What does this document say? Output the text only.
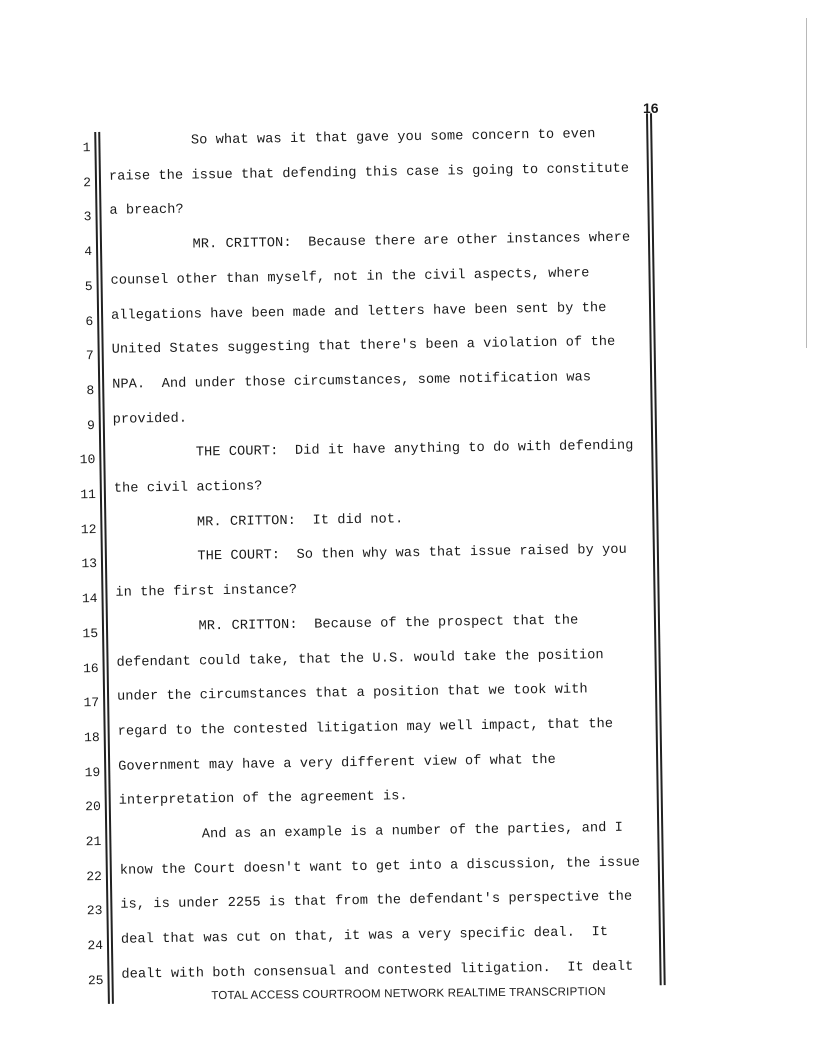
16
1 So what was it that gave you some concern to even
2 raise the issue that defending this case is going to constitute
3 a breach?
4 MR. CRITTON:  Because there are other instances where
5 counsel other than myself, not in the civil aspects, where
6 allegations have been made and letters have been sent by the
7 United States suggesting that there's been a violation of the
8 NPA.  And under those circumstances, some notification was
9 provided.
10 THE COURT:  Did it have anything to do with defending
11 the civil actions?
12 MR. CRITTON:  It did not.
13 THE COURT:  So then why was that issue raised by you
14 in the first instance?
15 MR. CRITTON:  Because of the prospect that the
16 defendant could take, that the U.S. would take the position
17 under the circumstances that a position that we took with
18 regard to the contested litigation may well impact, that the
19 Government may have a very different view of what the
20 interpretation of the agreement is.
21 And as an example is a number of the parties, and I
22 know the Court doesn't want to get into a discussion, the issue
23 is, is under 2255 is that from the defendant's perspective the
24 deal that was cut on that, it was a very specific deal.  It
25 dealt with both consensual and contested litigation.  It dealt
TOTAL ACCESS COURTROOM NETWORK REALTIME TRANSCRIPTION
